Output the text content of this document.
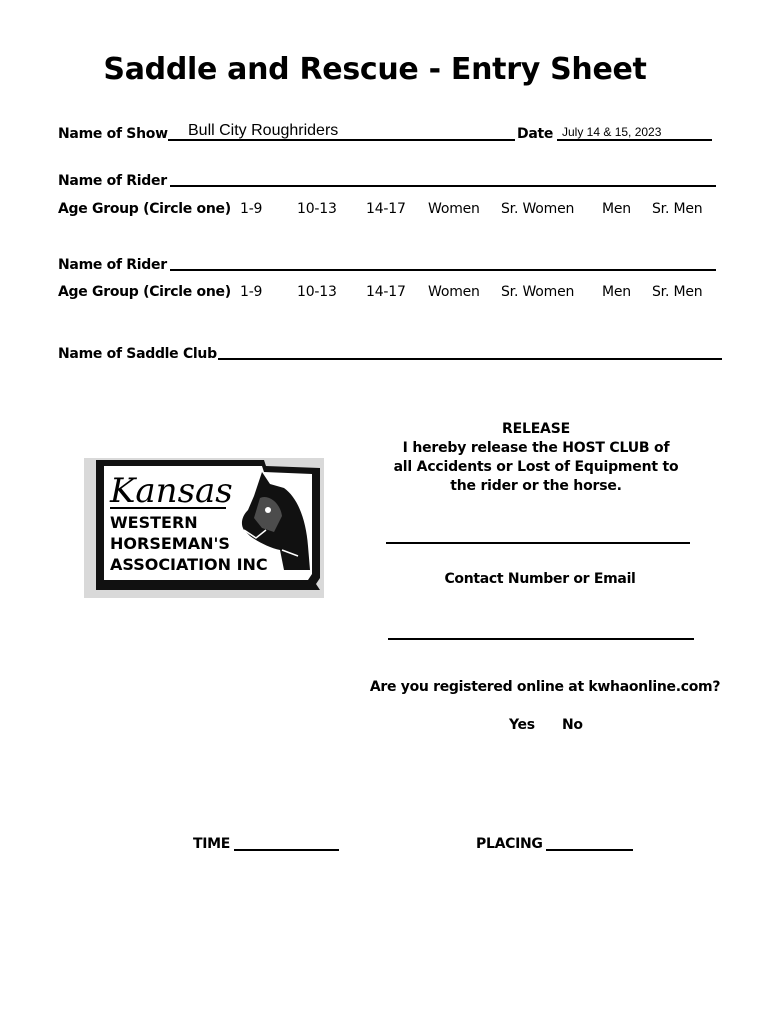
Saddle and Rescue - Entry Sheet
Name of Show Bull City Roughriders	Date July 14 & 15, 2023
Name of Rider
Age Group (Circle one) 1-9 10-13 14-17 Women Sr. Women Men Sr. Men
Name of Rider
Age Group (Circle one) 1-9 10-13 14-17 Women Sr. Women Men Sr. Men
Name of Saddle Club
Kansas
WESTERN
HORSEMAN'S
ASSOCIATION INC
RELEASE
I hereby release the HOST CLUB of
all Accidents or Lost of Equipment to
the rider or the horse.
Contact Number or Email
Are you registered online at kwhaonline.com?
Yes No
TIME	PLACING
